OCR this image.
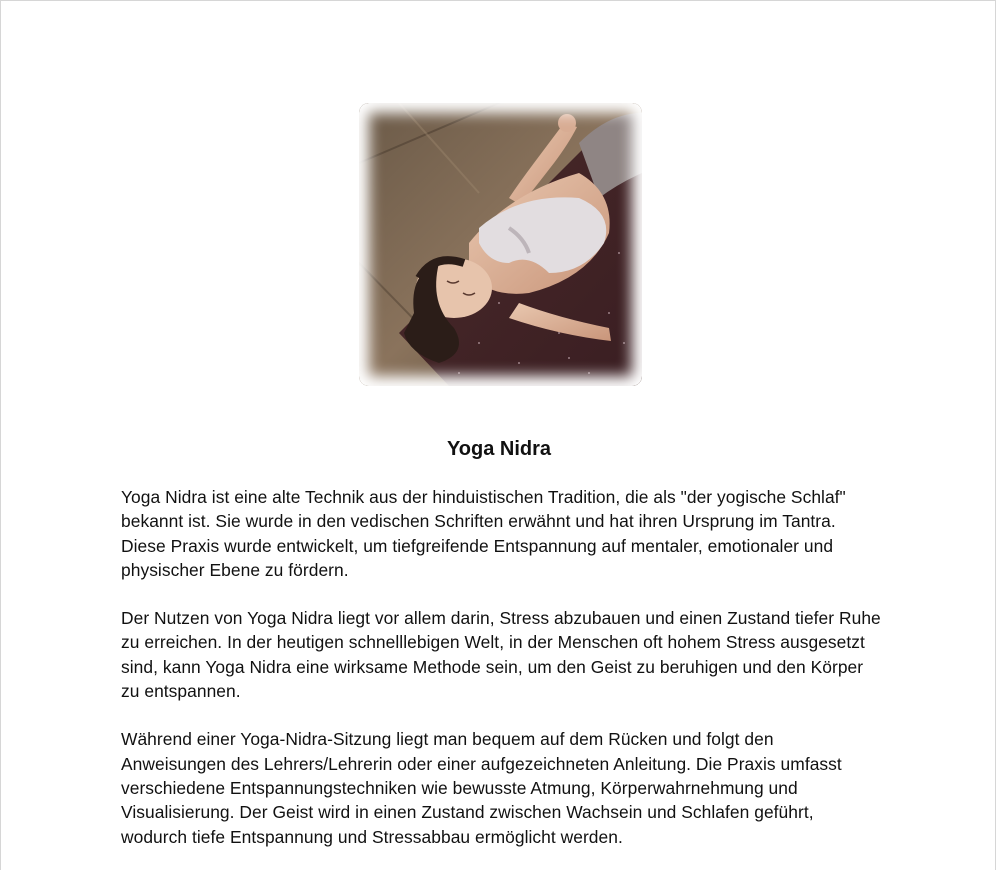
Yoga Nidra

Yoga Nidra ist eine alte Technik aus der hinduistischen Tradition, die als "der yogische Schlaf" bekannt ist. Sie wurde in den vedischen Schriften erwähnt und hat ihren Ursprung im Tantra. Diese Praxis wurde entwickelt, um tiefgreifende Entspannung auf mentaler, emotionaler und physischer Ebene zu fördern.

Der Nutzen von Yoga Nidra liegt vor allem darin, Stress abzubauen und einen Zustand tiefer Ruhe zu erreichen. In der heutigen schnelllebigen Welt, in der Menschen oft hohem Stress ausgesetzt sind, kann Yoga Nidra eine wirksame Methode sein, um den Geist zu beruhigen und den Körper zu entspannen.

Während einer Yoga-Nidra-Sitzung liegt man bequem auf dem Rücken und folgt den Anweisungen des Lehrers/Lehrerin oder einer aufgezeichneten Anleitung. Die Praxis umfasst verschiedene Entspannungstechniken wie bewusste Atmung, Körperwahrnehmung und Visualisierung. Der Geist wird in einen Zustand zwischen Wachsein und Schlafen geführt, wodurch tiefe Entspannung und Stressabbau ermöglicht werden.
